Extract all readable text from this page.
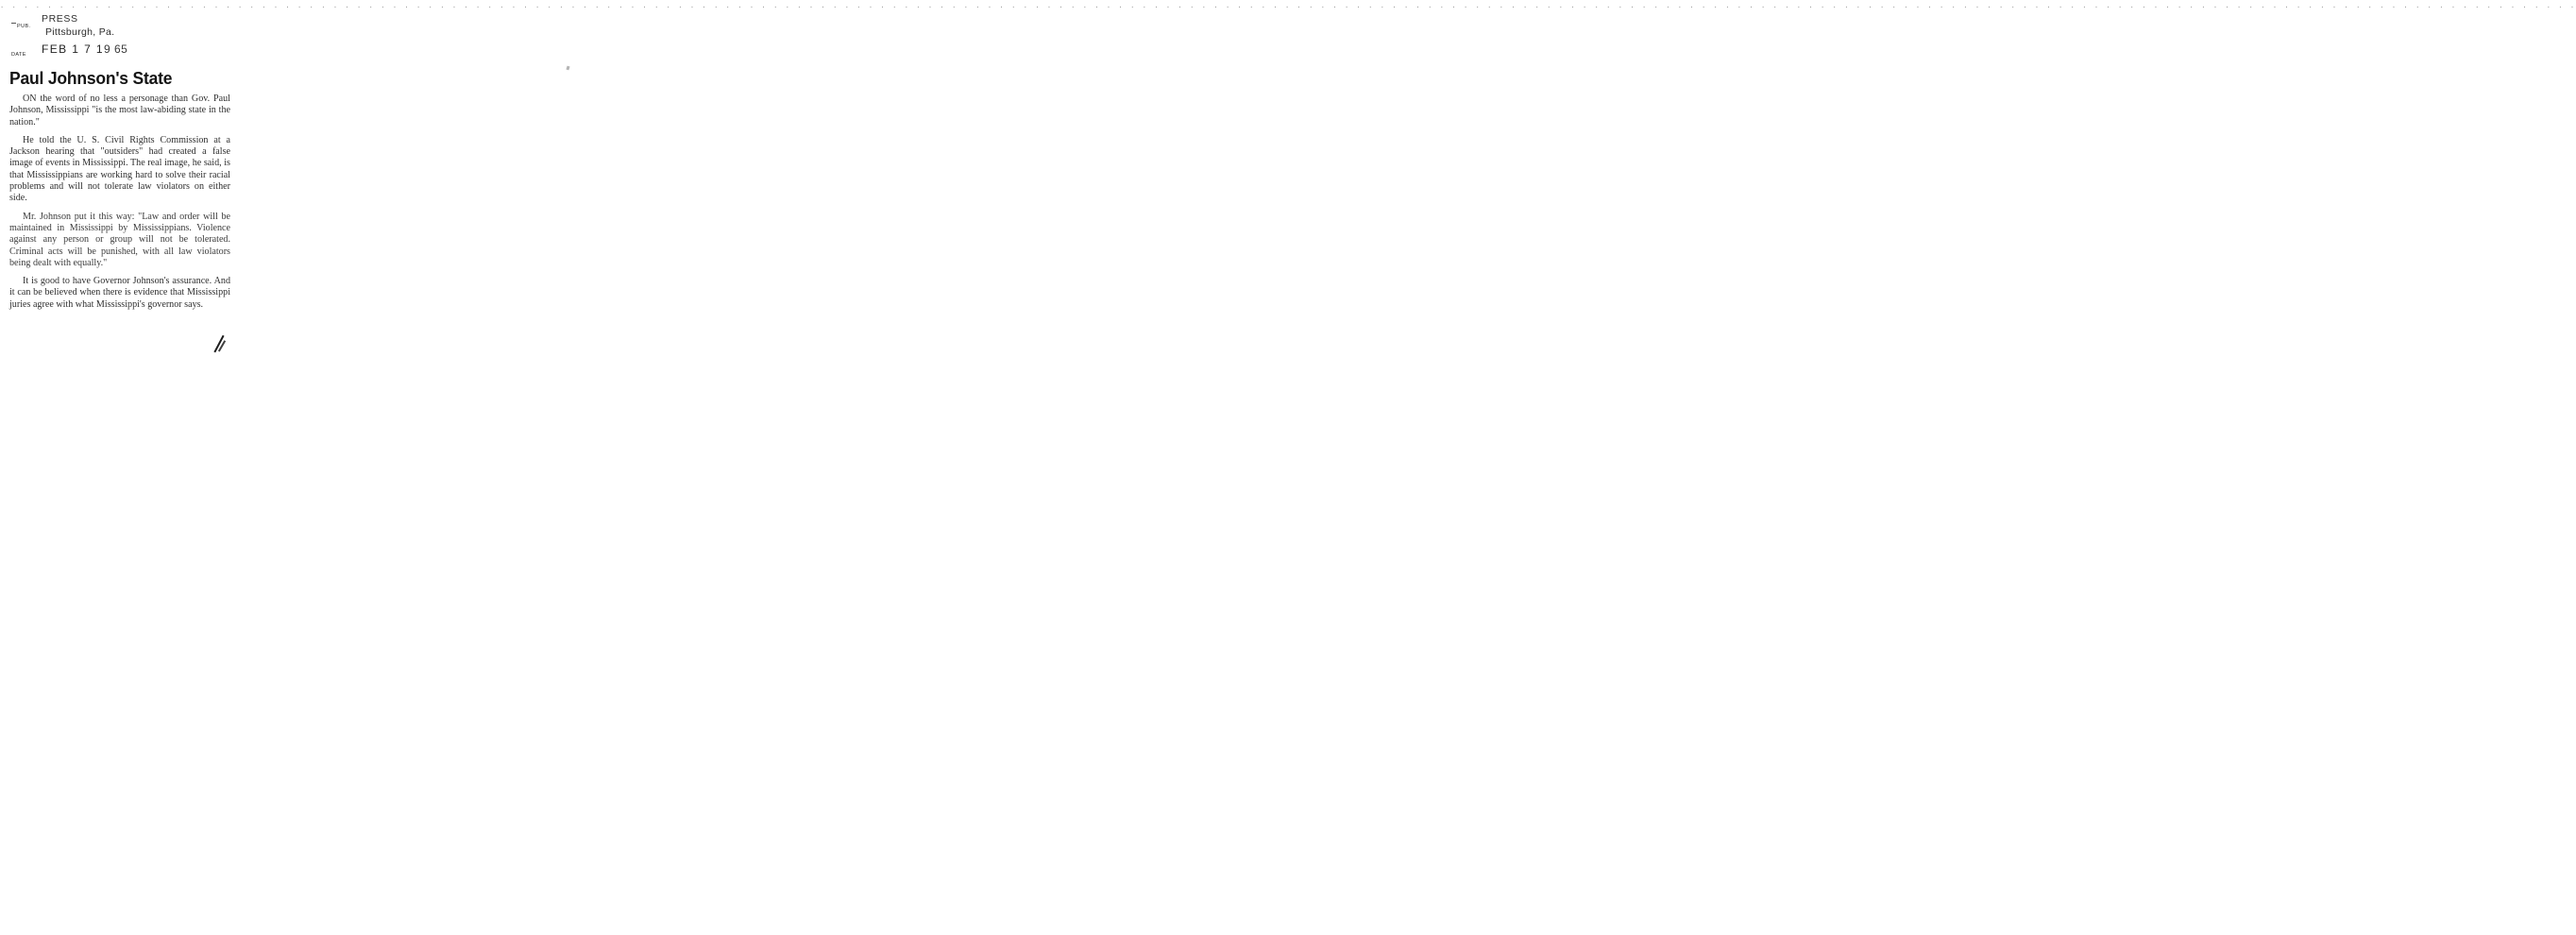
. . . . . . . . . . . . . . . . . . . . . . . . . . . . . . . . . . . . . . . . . . . . . . . . . . . . . . . . . . . . . . . . . . . . . . . . . . . . . . . . . . . . . . . . . . . . . . . . . . . . . . . . . . . . . . . . . . . . . . . . . . . . . . . . . . . . . . . . . . . . . . . . . . . . . . . . . . . . . . . . . . . . . . . . . . . . . . . . . . . . . . . . . . . . . . . . . . . . . . . . . . . . . . . . . . . . . . . . .
PUB.
PRESS
Pittsburgh, Pa.
DATE FEB 1 7 19 65
Paul Johnson's State

ON the word of no less a personage than Gov. Paul Johnson, Mississippi "is the most law-abiding state in the nation."

He told the U. S. Civil Rights Commission at a Jackson hearing that "outsiders" had created a false image of events in Mississippi. The real image, he said, is that Mississippians are working hard to solve their racial problems and will not tolerate law violators on either side.

Mr. Johnson put it this way: "Law and order will be maintained in Mississippi by Mississippians. Violence against any person or group will not be tolerated. Criminal acts will be punished, with all law violators being dealt with equally."

It is good to have Governor Johnson's assurance. And it can be believed when there is evidence that Mississippi juries agree with what Mississippi's governor says.
